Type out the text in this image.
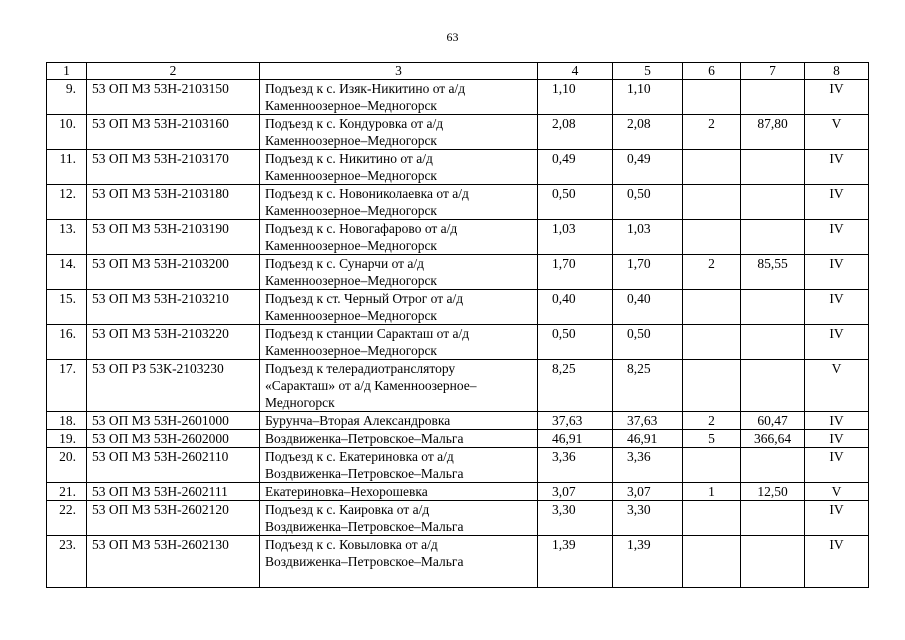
63
1	2	3	4	5	6	7	8
9.	53 ОП МЗ 53Н-2103150	Подъезд к с. Изяк-Никитино от а/д
Каменноозерное–Медногорск	1,10	1,10			IV
10.	53 ОП МЗ 53Н-2103160	Подъезд к с. Кондуровка от а/д
Каменноозерное–Медногорск	2,08	2,08	2	87,80	V
11.	53 ОП МЗ 53Н-2103170	Подъезд к с. Никитино от а/д
Каменноозерное–Медногорск	0,49	0,49			IV
12.	53 ОП МЗ 53Н-2103180	Подъезд к с. Новониколаевка от а/д
Каменноозерное–Медногорск	0,50	0,50			IV
13.	53 ОП МЗ 53Н-2103190	Подъезд к с. Новогафарово от а/д
Каменноозерное–Медногорск	1,03	1,03			IV
14.	53 ОП МЗ 53Н-2103200	Подъезд к с. Сунарчи от а/д
Каменноозерное–Медногорск	1,70	1,70	2	85,55	IV
15.	53 ОП МЗ 53Н-2103210	Подъезд к ст. Черный Отрог от а/д
Каменноозерное–Медногорск	0,40	0,40			IV
16.	53 ОП МЗ 53Н-2103220	Подъезд к станции Саракташ от а/д
Каменноозерное–Медногорск	0,50	0,50			IV
17.	53 ОП РЗ 53К-2103230	Подъезд к телерадиотранслятору
«Саракташ» от а/д Каменноозерное–
Медногорск	8,25	8,25			V
18.	53 ОП МЗ 53Н-2601000	Бурунча–Вторая Александровка	37,63	37,63	2	60,47	IV
19.	53 ОП МЗ 53Н-2602000	Воздвиженка–Петровское–Мальга	46,91	46,91	5	366,64	IV
20.	53 ОП МЗ 53Н-2602110	Подъезд к с. Екатериновка от а/д
Воздвиженка–Петровское–Мальга	3,36	3,36			IV
21.	53 ОП МЗ 53Н-2602111	Екатериновка–Нехорошевка	3,07	3,07	1	12,50	V
22.	53 ОП МЗ 53Н-2602120	Подъезд к с. Каировка от а/д
Воздвиженка–Петровское–Мальга	3,30	3,30			IV
23.	53 ОП МЗ 53Н-2602130	Подъезд к с. Ковыловка от а/д
Воздвиженка–Петровское–Мальга	1,39	1,39			IV
